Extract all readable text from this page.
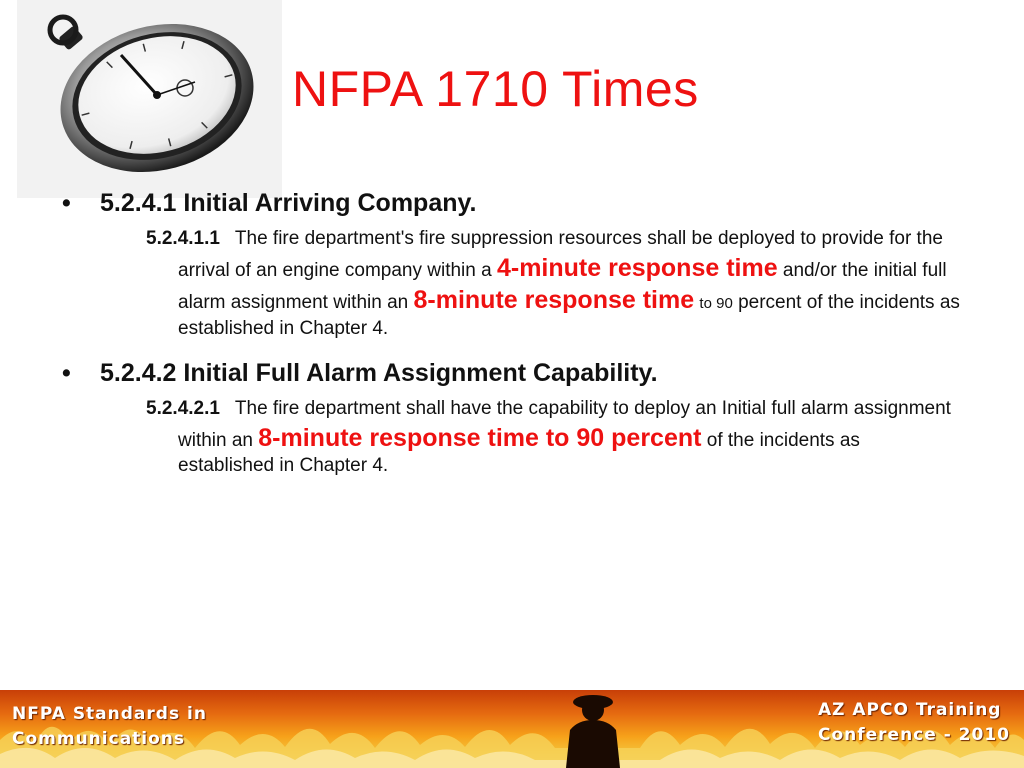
NFPA 1710 Times
• 5.2.4.1 Initial Arriving Company.
5.2.4.1.1 The fire department's fire suppression resources shall be deployed to provide for the arrival of an engine company within a 4-minute response time and/or the initial full alarm assignment within an 8-minute response time to 90 percent of the incidents as established in Chapter 4.
• 5.2.4.2 Initial Full Alarm Assignment Capability.
5.2.4.2.1 The fire department shall have the capability to deploy an Initial full alarm assignment within an 8-minute response time to 90 percent of the incidents as established in Chapter 4.
NFPA Standards in
Communications
AZ APCO Training
Conference - 2010
